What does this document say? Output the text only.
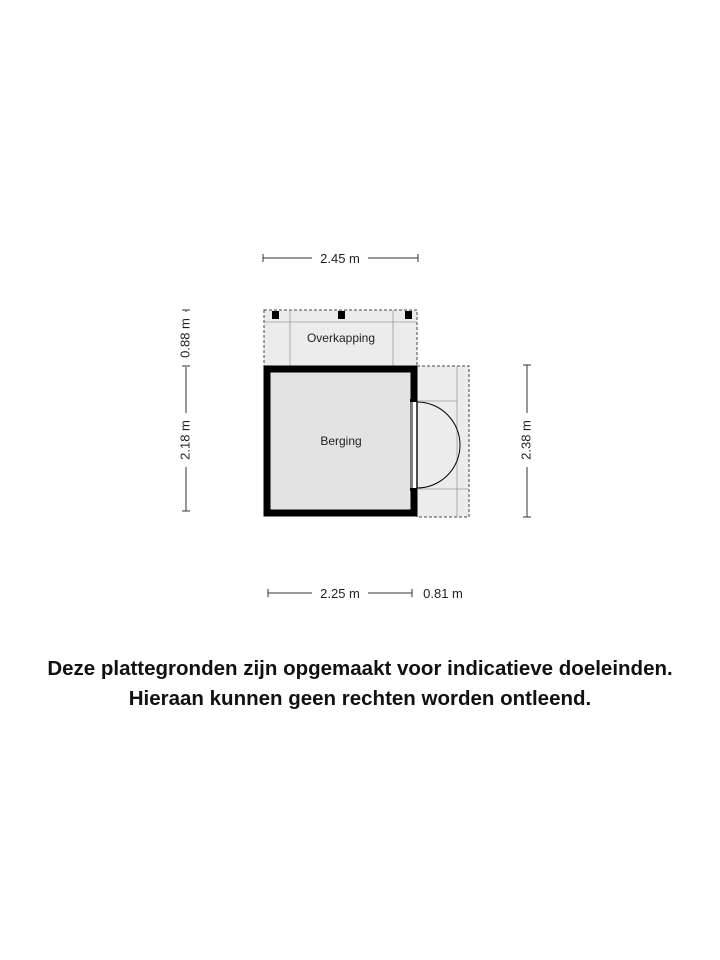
Overkapping
Berging
2.45 m
0.88 m
2.18 m	2.38 m
2.25 m	0.81 m
Deze plattegronden zijn opgemaakt voor indicatieve doeleinden.
Hieraan kunnen geen rechten worden ontleend.
